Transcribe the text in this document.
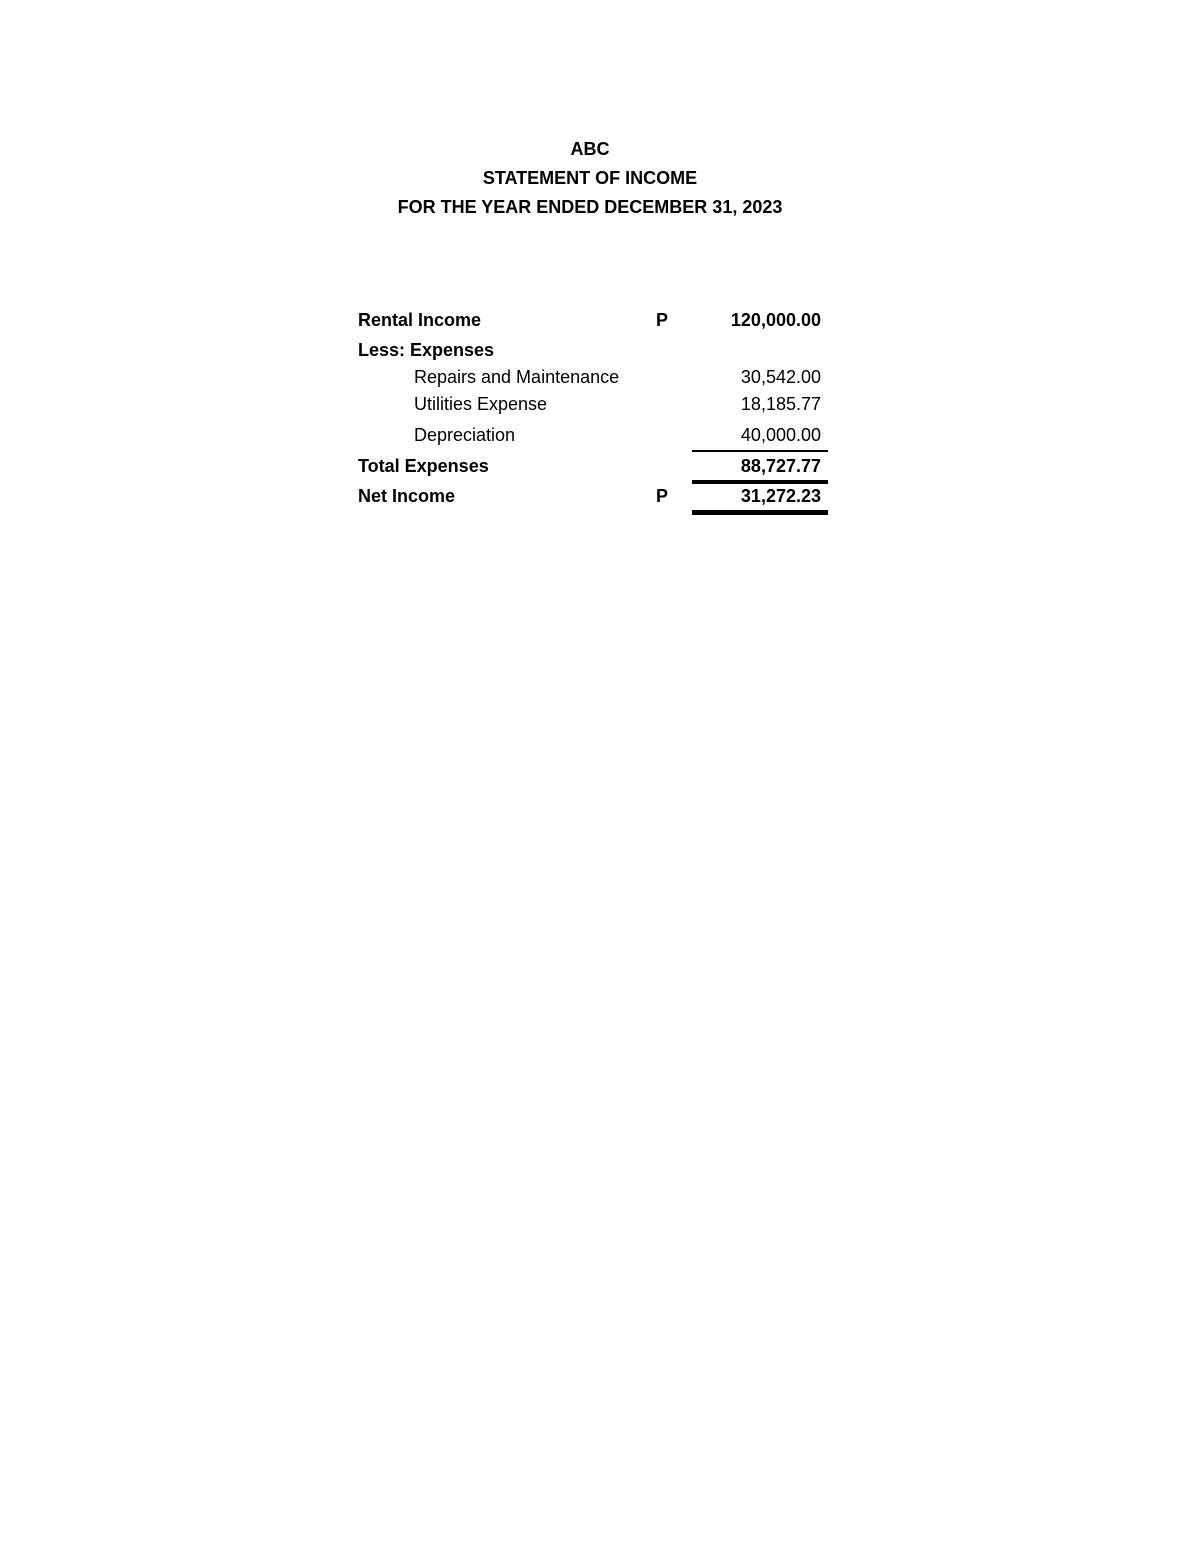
ABC
STATEMENT OF INCOME
FOR THE YEAR ENDED DECEMBER 31, 2023
Rental Income	P	120,000.00
Less: Expenses
Repairs and Maintenance	30,542.00
Utilities Expense	18,185.77
Depreciation	40,000.00
Total Expenses	88,727.77
Net Income	P	31,272.23
